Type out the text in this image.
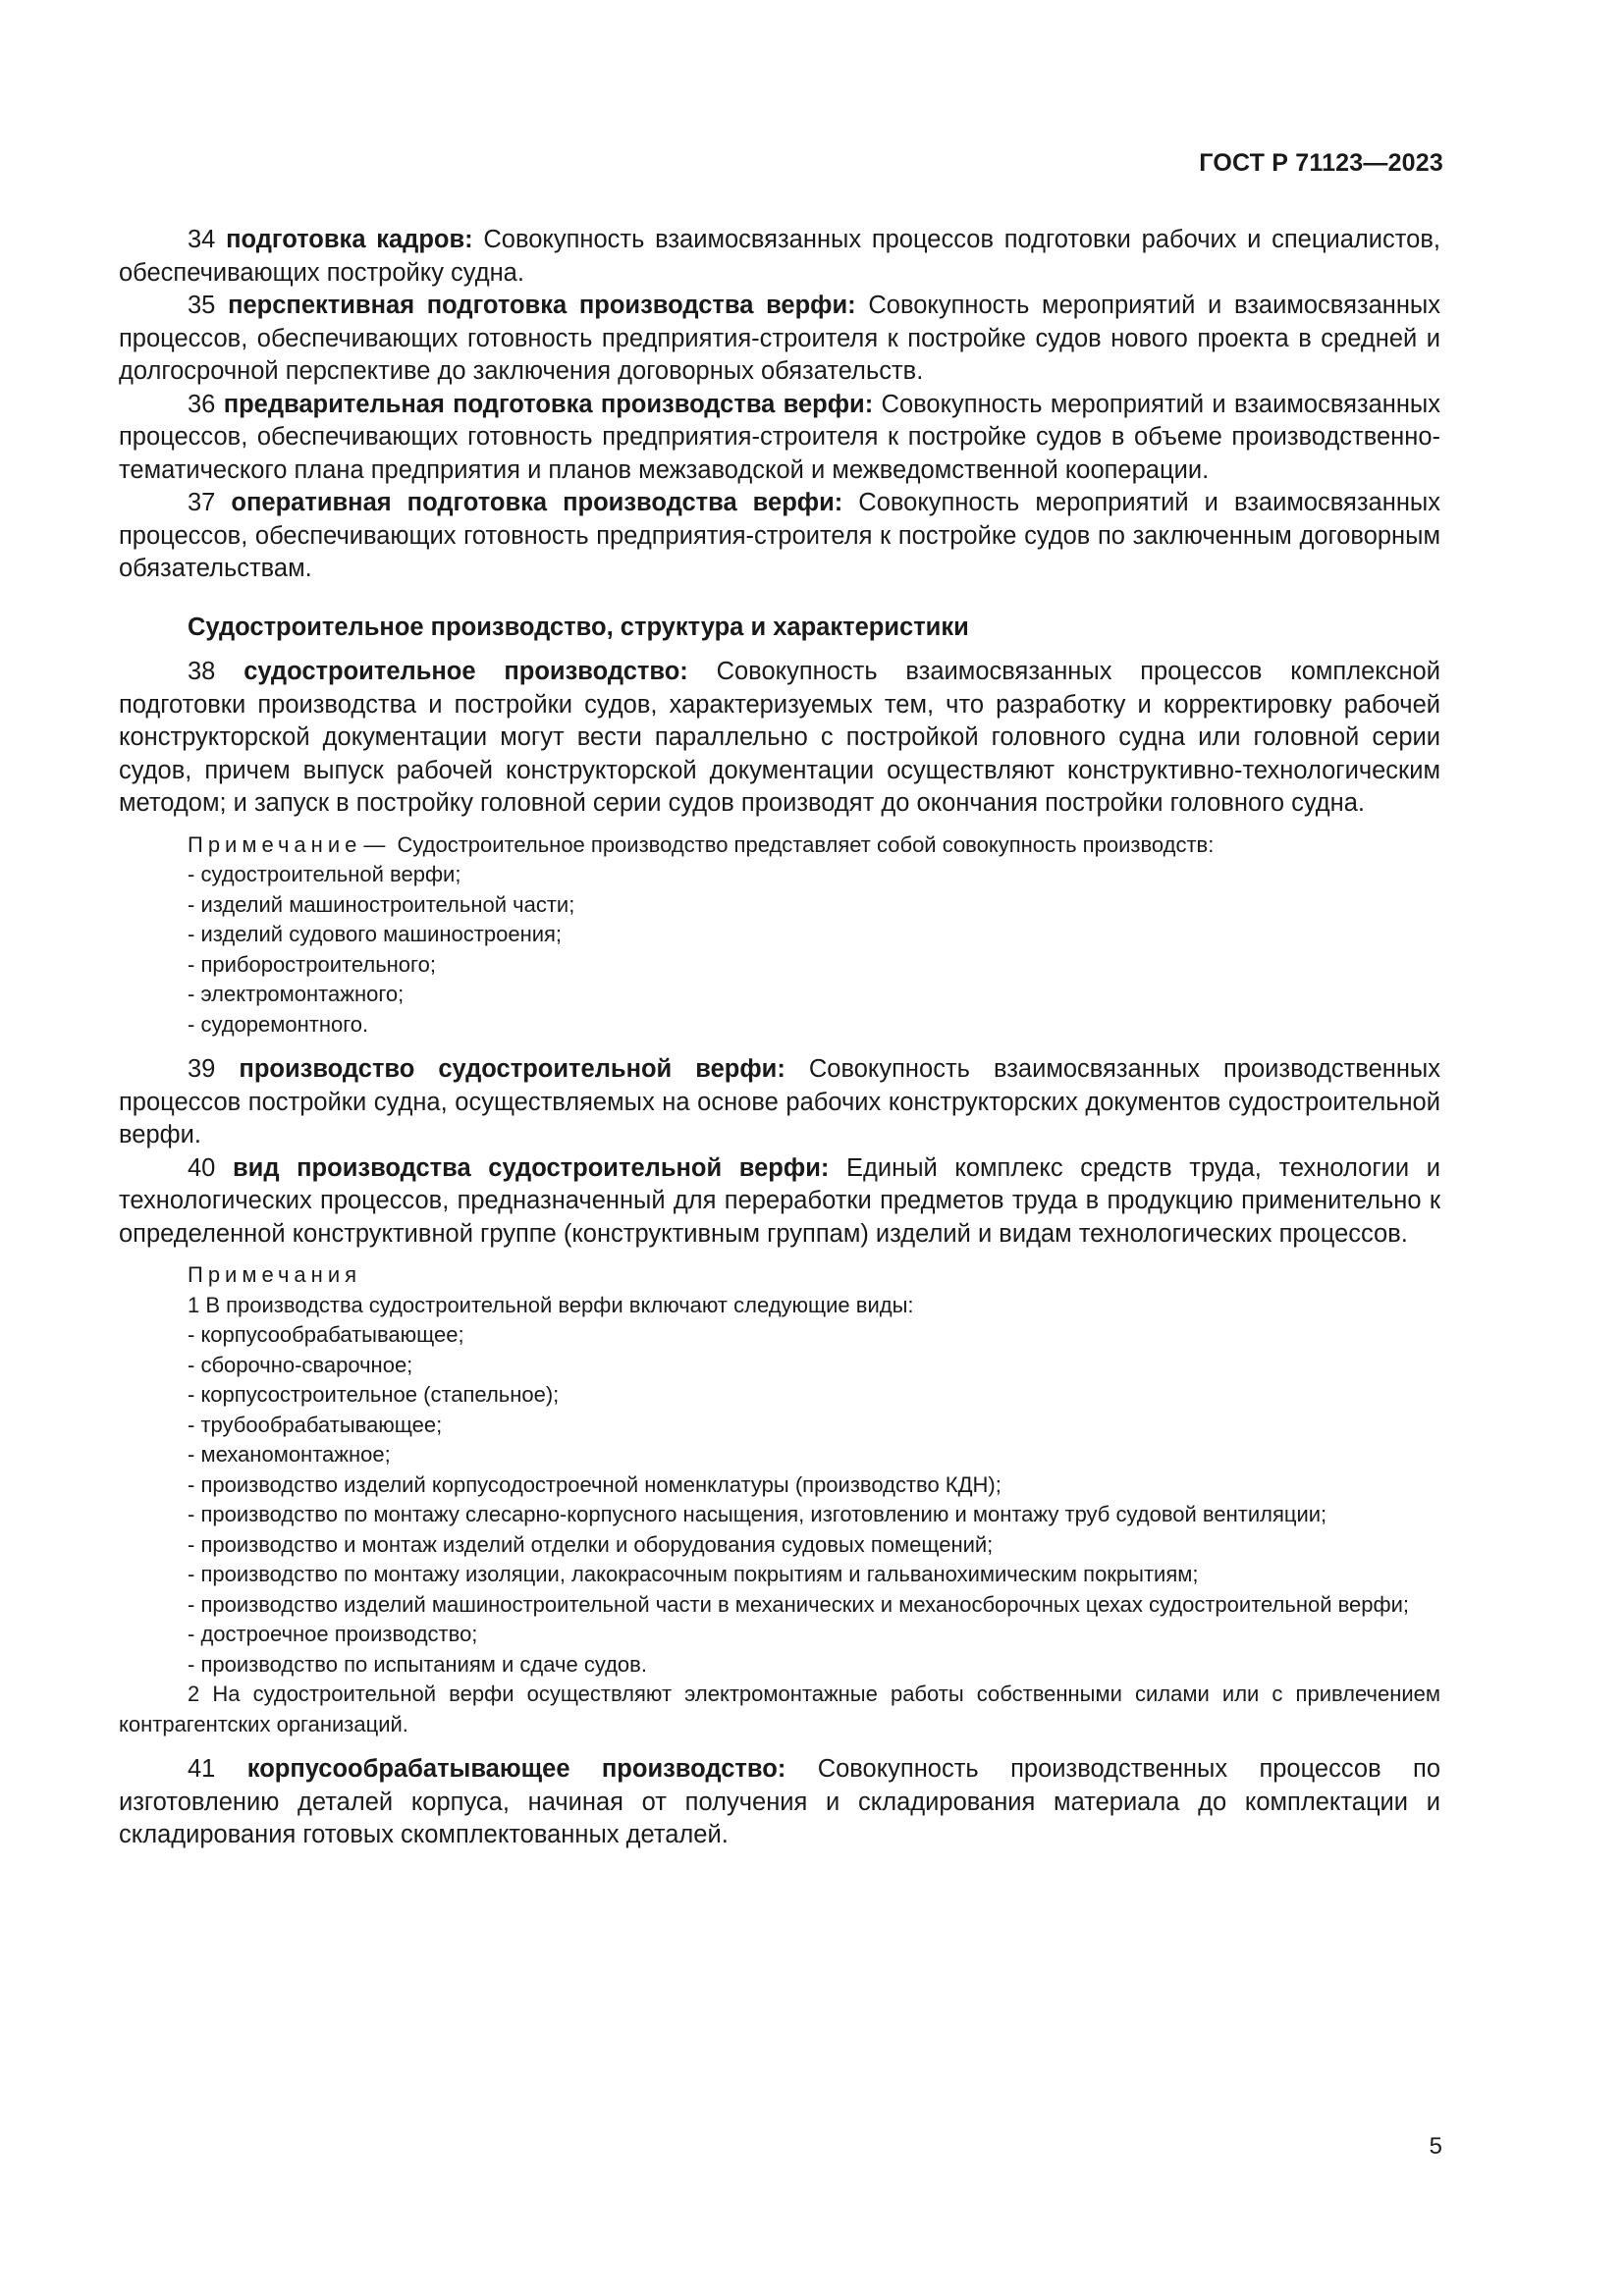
ГОСТ Р 71123—2023

34 подготовка кадров: Совокупность взаимосвязанных процессов подготовки рабочих и специалистов, обеспечивающих постройку судна.

35 перспективная подготовка производства верфи: Совокупность мероприятий и взаимосвязанных процессов, обеспечивающих готовность предприятия-строителя к постройке судов нового проекта в средней и долгосрочной перспективе до заключения договорных обязательств.

36 предварительная подготовка производства верфи: Совокупность мероприятий и взаимосвязанных процессов, обеспечивающих готовность предприятия-строителя к постройке судов в объеме производственно-тематического плана предприятия и планов межзаводской и межведомственной кооперации.

37 оперативная подготовка производства верфи: Совокупность мероприятий и взаимосвязанных процессов, обеспечивающих готовность предприятия-строителя к постройке судов по заключенным договорным обязательствам.

Судостроительное производство, структура и характеристики

38 судостроительное производство: Совокупность взаимосвязанных процессов комплексной подготовки производства и постройки судов, характеризуемых тем, что разработку и корректировку рабочей конструкторской документации могут вести параллельно с постройкой головного судна или головной серии судов, причем выпуск рабочей конструкторской документации осуществляют конструктивно-технологическим методом; и запуск в постройку головной серии судов производят до окончания постройки головного судна.

Примечание— Судостроительное производство представляет собой совокупность производств:

- судостроительной верфи;

- изделий машиностроительной части;

- изделий судового машиностроения;

- приборостроительного;

- электромонтажного;

- судоремонтного.

39 производство судостроительной верфи: Совокупность взаимосвязанных производственных процессов постройки судна, осуществляемых на основе рабочих конструкторских документов судостроительной верфи.

40 вид производства судостроительной верфи: Единый комплекс средств труда, технологии и технологических процессов, предназначенный для переработки предметов труда в продукцию применительно к определенной конструктивной группе (конструктивным группам) изделий и видам технологических процессов.

Примечания

1 В производства судостроительной верфи включают следующие виды:

- корпусообрабатывающее;

- сборочно-сварочное;

- корпусостроительное (стапельное);

- трубообрабатывающее;

- механомонтажное;

- производство изделий корпусодостроечной номенклатуры (производство КДН);

- производство по монтажу слесарно-корпусного насыщения, изготовлению и монтажу труб судовой вентиляции;

- производство и монтаж изделий отделки и оборудования судовых помещений;

- производство по монтажу изоляции, лакокрасочным покрытиям и гальванохимическим покрытиям;

- производство изделий машиностроительной части в механических и механосборочных цехах судостроительной верфи;

- достроечное производство;

- производство по испытаниям и сдаче судов.

2 На судостроительной верфи осуществляют электромонтажные работы собственными силами или с привлечением контрагентских организаций.

41 корпусообрабатывающее производство: Совокупность производственных процессов по изготовлению деталей корпуса, начиная от получения и складирования материала до комплектации и складирования готовых скомплектованных деталей.

5
